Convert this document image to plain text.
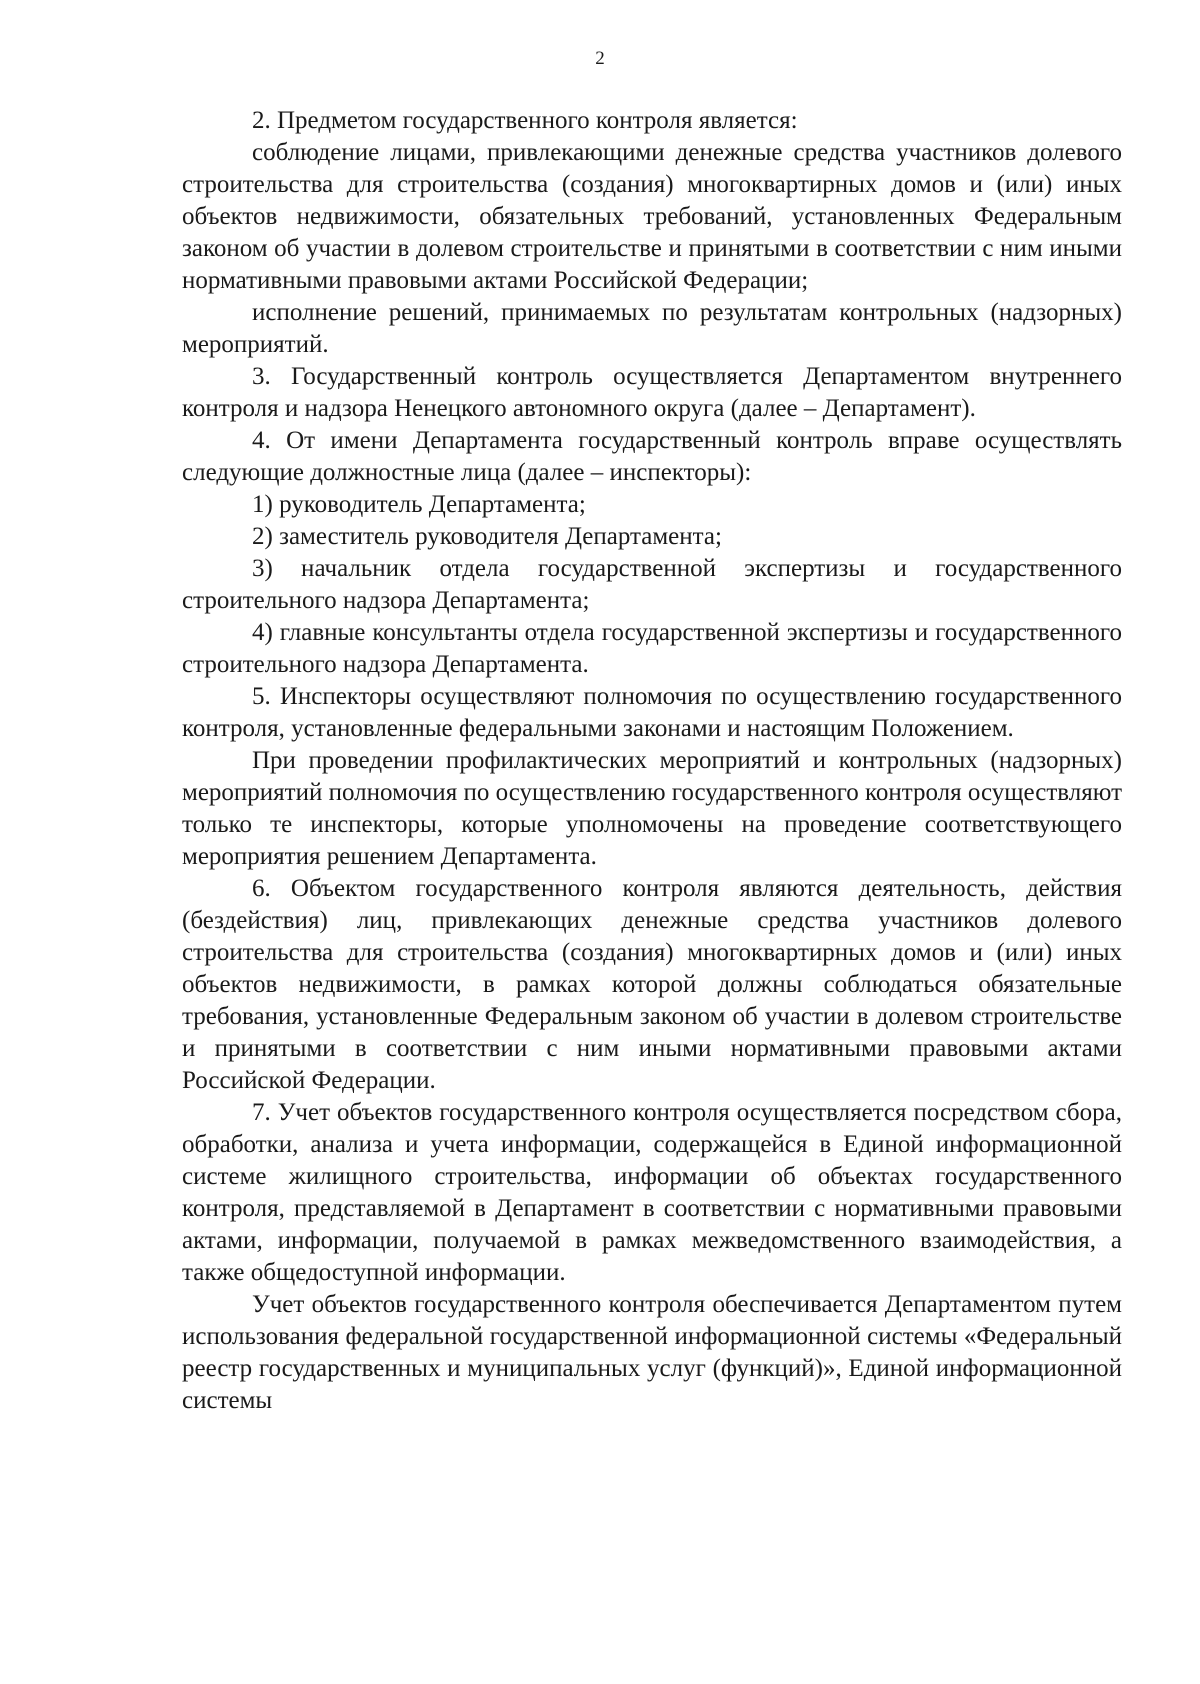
2

2. Предметом государственного контроля является:

соблюдение лицами, привлекающими денежные средства участников долевого строительства для строительства (создания) многоквартирных домов и (или) иных объектов недвижимости, обязательных требований, установленных Федеральным законом об участии в долевом строительстве и принятыми в соответствии с ним иными нормативными правовыми актами Российской Федерации;

исполнение решений, принимаемых по результатам контрольных (надзорных) мероприятий.

3. Государственный контроль осуществляется Департаментом внутреннего контроля и надзора Ненецкого автономного округа (далее – Департамент).

4. От имени Департамента государственный контроль вправе осуществлять следующие должностные лица (далее – инспекторы):

1) руководитель Департамента;

2) заместитель руководителя Департамента;

3) начальник отдела государственной экспертизы и государственного строительного надзора Департамента;

4) главные консультанты отдела государственной экспертизы и государственного строительного надзора Департамента.

5. Инспекторы осуществляют полномочия по осуществлению государственного контроля, установленные федеральными законами и настоящим Положением.

При проведении профилактических мероприятий и контрольных (надзорных) мероприятий полномочия по осуществлению государственного контроля осуществляют только те инспекторы, которые уполномочены на проведение соответствующего мероприятия решением Департамента.

6. Объектом государственного контроля являются деятельность, действия (бездействия) лиц, привлекающих денежные средства участников долевого строительства для строительства (создания) многоквартирных домов и (или) иных объектов недвижимости, в рамках которой должны соблюдаться обязательные требования, установленные Федеральным законом об участии в долевом строительстве и принятыми в соответствии с ним иными нормативными правовыми актами Российской Федерации.

7. Учет объектов государственного контроля осуществляется посредством сбора, обработки, анализа и учета информации, содержащейся в Единой информационной системе жилищного строительства, информации об объектах государственного контроля, представляемой в Департамент в соответствии с нормативными правовыми актами, информации, получаемой в рамках межведомственного взаимодействия, а также общедоступной информации.

Учет объектов государственного контроля обеспечивается Департаментом путем использования федеральной государственной информационной системы «Федеральный реестр государственных и муниципальных услуг (функций)», Единой информационной системы
